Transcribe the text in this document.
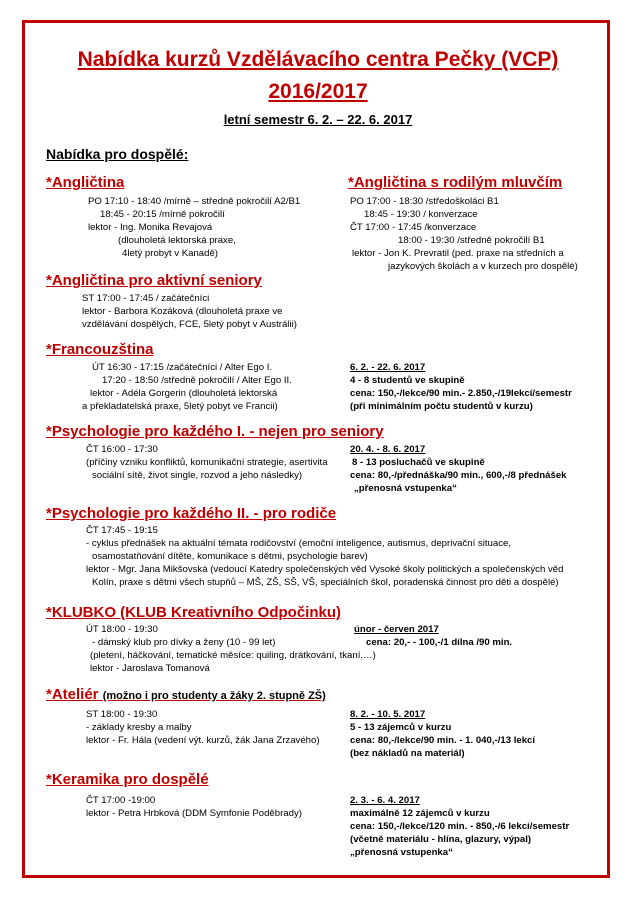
Nabídka kurzů Vzdělávacího centra Pečky (VCP)
2016/2017
letní semestr 6. 2. – 22. 6. 2017
Nabídka pro dospělé:
*Angličtina
PO 17:10 - 18:40 /mírně – středně pokročilí A2/B1
18:45 - 20:15 /mírně pokročilí
lektor - Ing. Monika Revajová
(dlouholetá lektorská praxe,
4letý probyt v Kanadě)
*Angličtina s rodilým mluvčím
PO 17:00 - 18:30 /středoškoláci B1
18:45 - 19:30 / konverzace
ČT 17:00 - 17:45 /konverzace
18:00 - 19:30 /středně pokročilí B1
lektor - Jon K. Prevratil (ped. praxe na středních a
jazykových školách a v kurzech pro dospělé)
*Angličtina pro aktivní seniory
ST 17:00 - 17:45 / začátečníci
lektor - Barbora Kozáková (dlouholetá praxe ve
vzdělávání dospělých, FCE, 5letý pobyt v Austrálii)
*Francouzština
ÚT 16:30 - 17:15 /začátečníci / Alter Ego I.
17:20 - 18:50 /středně pokročilí / Alter Ego II.
lektor - Adéla Gorgerin (dlouholetá lektorská
a překladatelská praxe, 5letý pobyt ve Francii)
6. 2. - 22. 6. 2017
4 - 8 studentů ve skupině
cena: 150,-/lekce/90 min.- 2.850,-/19lekcí/semestr
(při minimálním počtu studentů v kurzu)
*Psychologie pro každého I. - nejen pro seniory
ČT 16:00 - 17:30
(příčiny vzniku konfliktů, komunikační strategie, asertivita
sociální sítě, život single, rozvod a jeho následky)
20. 4. - 8. 6. 2017
8 - 13 posluchačů ve skupině
cena: 80,-/přednáška/90 min., 600,-/8 přednášek
„přenosná vstupenka“
*Psychologie pro každého II. - pro rodiče
ČT 17:45 - 19:15
- cyklus přednášek na aktuální témata rodičovství (emoční inteligence, autismus, deprivační situace,
osamostatňování dítěte, komunikace s dětmi, psychologie barev)
lektor - Mgr. Jana Mikšovská (vedoucí Katedry společenských věd Vysoké školy politických a společenských věd
Kolín, praxe s dětmi všech stupňů – MŠ, ZŠ, SŠ, VŠ, speciálních škol, poradenská činnost pro děti a dospělé)
*KLUBKO (KLUB Kreativního Odpočinku)
ÚT 18:00 - 19:30
- dámský klub pro dívky a ženy (10 - 99 let)
(pletení, háčkování, tematické měsíce: quiling, drátkování, tkaní,…)
lektor - Jaroslava Tomanová
únor - červen 2017
cena: 20,- - 100,-/1 dílna /90 min.
*Ateliér (možno i pro studenty a žáky 2. stupně ZŠ)
ST 18:00 - 19:30
- základy kresby a malby
lektor - Fr. Hála (vedení výt. kurzů, žák Jana Zrzavého)
8. 2. - 10. 5. 2017
5 - 13 zájemců v kurzu
cena: 80,-/lekce/90 min. - 1. 040,-/13 lekcí
(bez nákladů na materiál)
*Keramika pro dospělé
ČT 17:00 -19:00
lektor - Petra Hrbková (DDM Symfonie Poděbrady)
2. 3. - 6. 4. 2017
maximálně 12 zájemců v kurzu
cena: 150,-/lekce/120 min. - 850,-/6 lekcí/semestr
(včetně materiálu - hlína, glazury, výpal)
„přenosná vstupenka“
